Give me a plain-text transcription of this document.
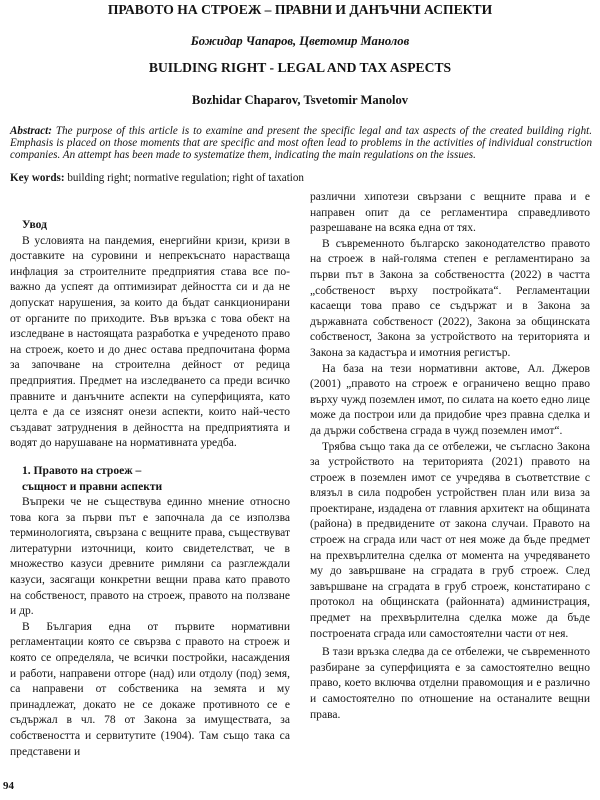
ПРАВОТО НА СТРОЕЖ – ПРАВНИ И ДАНЪЧНИ АСПЕКТИ
Божидар Чапаров, Цветомир Манолов
BUILDING RIGHT - LEGAL AND TAX ASPECTS
Bozhidar Chaparov, Tsvetomir Manolov

Abstract: The purpose of this article is to examine and present the specific legal and tax aspects of the created building right. Emphasis is placed on those moments that are specific and most often lead to problems in the activities of individual construction companies. An attempt has been made to systematize them, indicating the main regulations on the issues.

Key words: building right; normative regulation; right of taxation

Увод

В условията на пандемия, енергийни кризи, кризи в доставките на суровини и непрекъснато нарастваща инфлация за строителните предприятия става все по-важно да успеят да оптимизират дейността си и да не допускат нарушения, за които да бъдат санкционирани от органите по приходите. Във връзка с това обект на изследване в настоящата разработка е учреденото право на строеж, което и до днес остава предпочитана форма за започване на строителна дейност от редица предприятия. Предмет на изследването са преди всичко правните и данъчните аспекти на суперфицията, като целта е да се изяснят онези аспекти, които най-често създават затруднения в дейността на предприятията и водят до нарушаване на нормативната уредба.

1. Правото на строеж –

същност и правни аспекти

Въпреки че не съществува единно мнение относно това кога за първи път е започнала да се използва терминологията, свързана с вещните права, съществуват литературни източници, които свидетелстват, че в множество казуси древните римляни са разглеждали казуси, засягащи конкретни вещни права като правото на собственост, правото на строеж, правото на ползване и др.

В България една от първите нормативни регламентации която се свързва с правото на строеж и която се определяла, че всички постройки, насаждения и работи, направени отгоре (над) или отдолу (под) земя, са направени от собственика на земята и му принадлежат, докато не се докаже противното се е съдържал в чл. 78 от Закона за имуществата, за собствеността и сервитутите (1904). Там също така са представени и

различни хипотези свързани с вещните права и е направен опит да се регламентира справедливото разрешаване на всяка една от тях.

В съвременното българско законодателство правото на строеж в най-голяма степен е регламентирано за първи път в Закона за собствеността (2022) в частта „собственост върху постройката“. Регламентации касаещи това право се съдържат и в Закона за държавната собственост (2022), Закона за общинската собственост, Закона за устройството на територията и Закона за кадастъра и имотния регистър.

На база на тези нормативни актове, Ал. Джеров (2001) „правото на строеж е ограничено вещно право върху чужд поземлен имот, по силата на което едно лице може да построи или да придобие чрез правна сделка и да държи собствена сграда в чужд поземлен имот“.

Трябва също така да се отбележи, че съгласно Закона за устройството на територията (2021) правото на строеж в поземлен имот се учредява в съответствие с влязъл в сила подробен устройствен план или виза за проектиране, издадена от главния архитект на общината (района) в предвидените от закона случаи. Правото на строеж на сграда или част от нея може да бъде предмет на прехвърлителна сделка от момента на учредяването му до завършване на сградата в груб строеж. След завършване на сградата в груб строеж, констатирано с протокол на общинската (районната) администрация, предмет на прехвърлителна сделка може да бъде построената сграда или самостоятелни части от нея.

В тази връзка следва да се отбележи, че съвременното разбиране за суперфицията е за самостоятелно вещно право, което включва отделни правомощия и е различно и самостоятелно по отношение на останалите вещни права.

94
